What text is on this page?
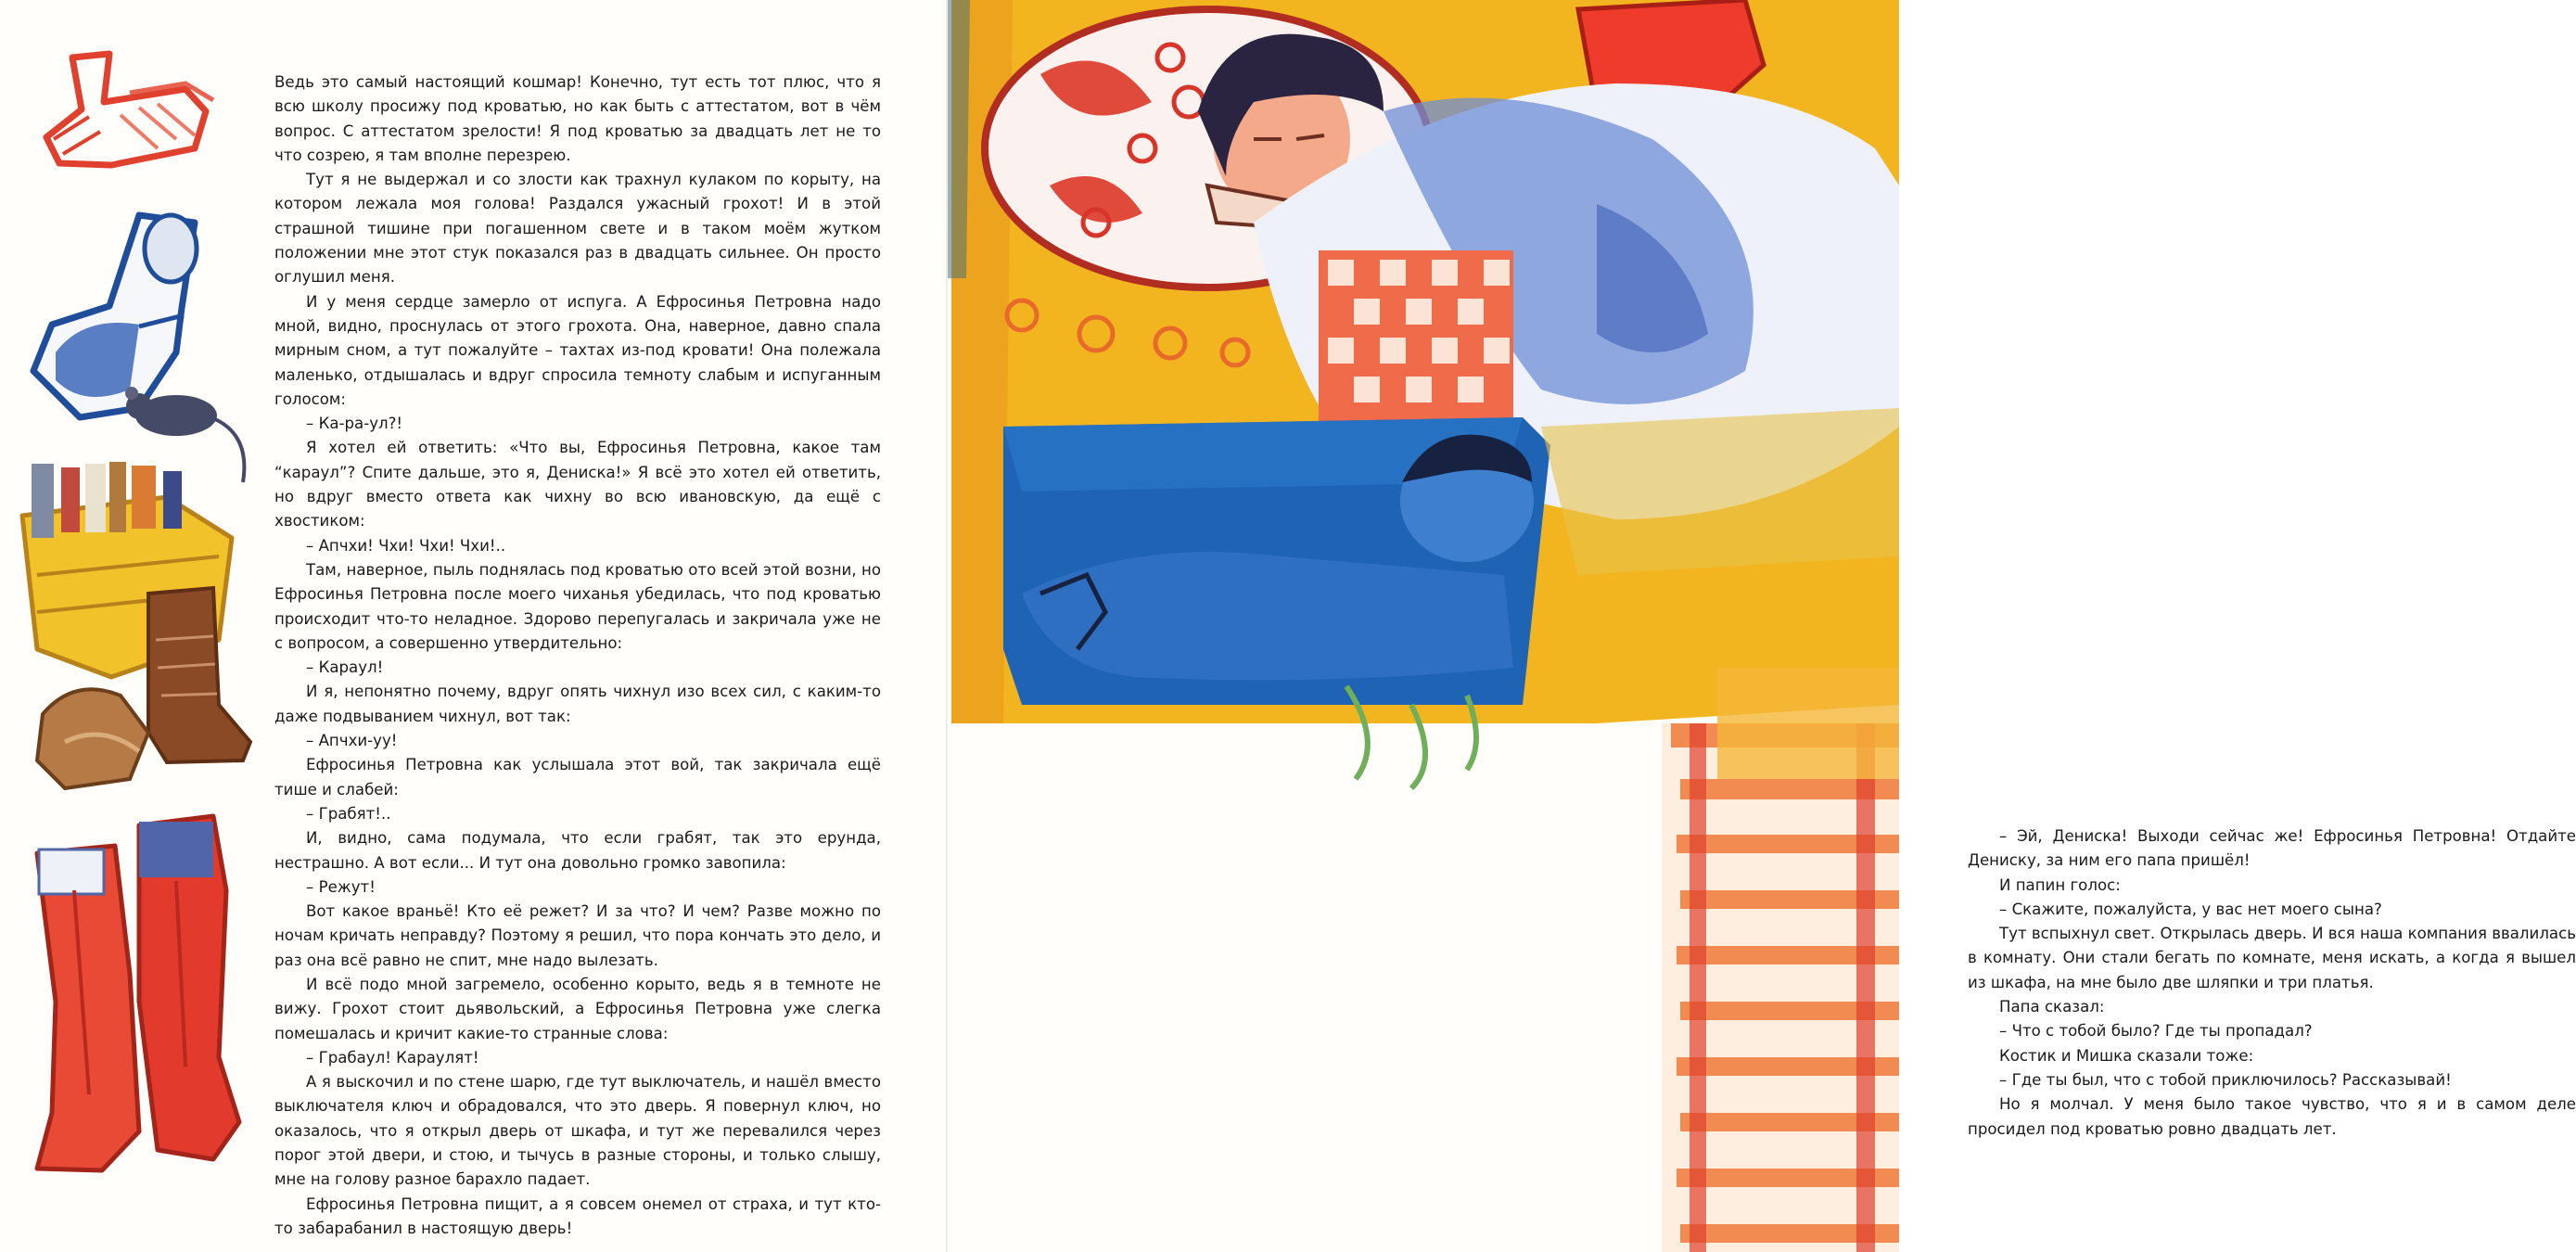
Ведь это самый настоящий кошмар! Конечно, тут есть тот плюс, что я всю школу просижу под кроватью, но как быть с аттестатом, вот в чём вопрос. С аттестатом зрелости! Я под кроватью за двадцать лет не то что созрею, я там вполне перезрею.

Тут я не выдержал и со злости как трахнул кулаком по корыту, на котором лежала моя голова! Раздался ужасный грохот! И в этой страшной тишине при погашенном свете и в таком моём жутком положении мне этот стук показался раз в двадцать сильнее. Он просто оглушил меня.

И у меня сердце замерло от испуга. А Ефросинья Петровна надо мной, видно, проснулась от этого грохота. Она, наверное, давно спала мирным сном, а тут пожалуйте – тахтах из-под кровати! Она полежала маленько, отдышалась и вдруг спросила темноту слабым и испуганным голосом:

– Ка-ра-ул?!

Я хотел ей ответить: «Что вы, Ефросинья Петровна, какое там “караул”? Спите дальше, это я, Дениска!» Я всё это хотел ей ответить, но вдруг вместо ответа как чихну во всю ивановскую, да ещё с хвостиком:

– Апчхи! Чхи! Чхи! Чхи!..

Там, наверное, пыль поднялась под кроватью ото всей этой возни, но Ефросинья Петровна после моего чиханья убедилась, что под кроватью происходит что-то неладное. Здорово перепугалась и закричала уже не с вопросом, а совершенно утвердительно:

– Караул!

И я, непонятно почему, вдруг опять чихнул изо всех сил, с каким-то даже подвыванием чихнул, вот так:

– Апчхи-уу!

Ефросинья Петровна как услышала этот вой, так закричала ещё тише и слабей:

– Грабят!..

И, видно, сама подумала, что если грабят, так это ерунда, нестрашно. А вот если... И тут она довольно громко завопила:

– Режут!

Вот какое враньё! Кто её режет? И за что? И чем? Разве можно по ночам кричать неправду? Поэтому я решил, что пора кончать это дело, и раз она всё равно не спит, мне надо вылезать.

И всё подо мной загремело, особенно корыто, ведь я в темноте не вижу. Грохот стоит дьявольский, а Ефросинья Петровна уже слегка помешалась и кричит какие-то странные слова:

– Грабаул! Караулят!

А я выскочил и по стене шарю, где тут выключатель, и нашёл вместо выключателя ключ и обрадовался, что это дверь. Я повернул ключ, но оказалось, что я открыл дверь от шкафа, и тут же перевалился через порог этой двери, и стою, и тычусь в разные стороны, и только слышу, мне на голову разное барахло падает.

Ефросинья Петровна пищит, а я совсем онемел от страха, и тут кто-то забарабанил в настоящую дверь!

– Эй, Дениска! Выходи сейчас же! Ефросинья Петровна! Отдайте Дениску, за ним его папа пришёл!

И папин голос:

– Скажите, пожалуйста, у вас нет моего сына?

Тут вспыхнул свет. Открылась дверь. И вся наша компания ввалилась в комнату. Они стали бегать по комнате, меня искать, а когда я вышел из шкафа, на мне было две шляпки и три платья.

Папа сказал:

– Что с тобой было? Где ты пропадал?

Костик и Мишка сказали тоже:

– Где ты был, что с тобой приключилось? Рассказывай!

Но я молчал. У меня было такое чувство, что я и в самом деле просидел под кроватью ровно двадцать лет.
